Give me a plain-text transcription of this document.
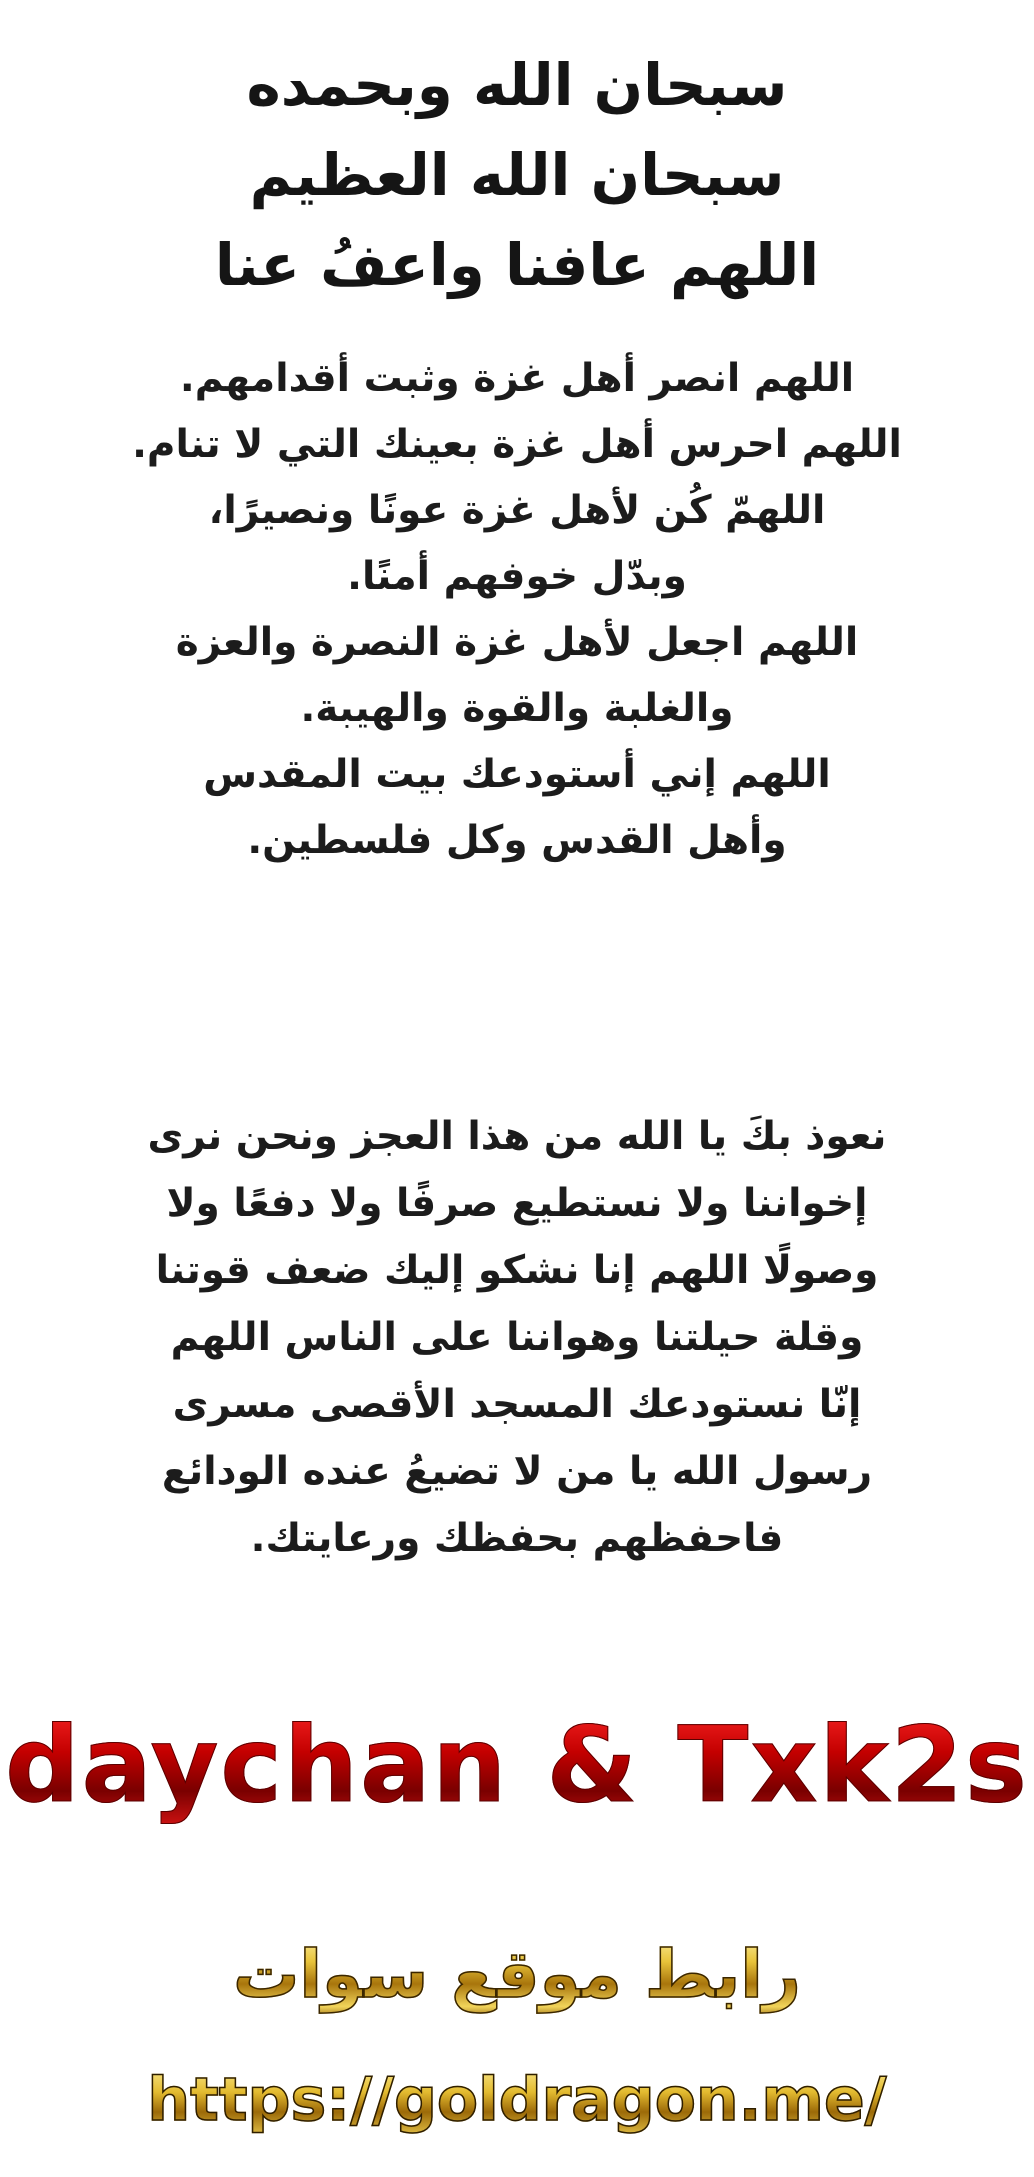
سبحان الله وبحمده
سبحان الله العظيم
اللهم عافنا واعفُ عنا
اللهم انصر أهل غزة وثبت أقدامهم.
اللهم احرس أهل غزة بعينك التي لا تنام.
اللهمّ كُن لأهل غزة عونًا ونصيرًا،
وبدّل خوفهم أمنًا.
اللهم اجعل لأهل غزة النصرة والعزة
والغلبة والقوة والهيبة.
اللهم إني أستودعك بيت المقدس
وأهل القدس وكل فلسطين.
نعوذ بكَ يا الله من هذا العجز ونحن نرى
إخواننا ولا نستطيع صرفًا ولا دفعًا ولا
وصولًا اللهم إنا نشكو إليك ضعف قوتنا
وقلة حيلتنا وهواننا على الناس اللهم
إنّا نستودعك المسجد الأقصى مسرى
رسول الله يا من لا تضيعُ عنده الودائع
فاحفظهم بحفظك ورعايتك.
daychan & Txk2s
رابط موقع سوات
https://goldragon.me/
